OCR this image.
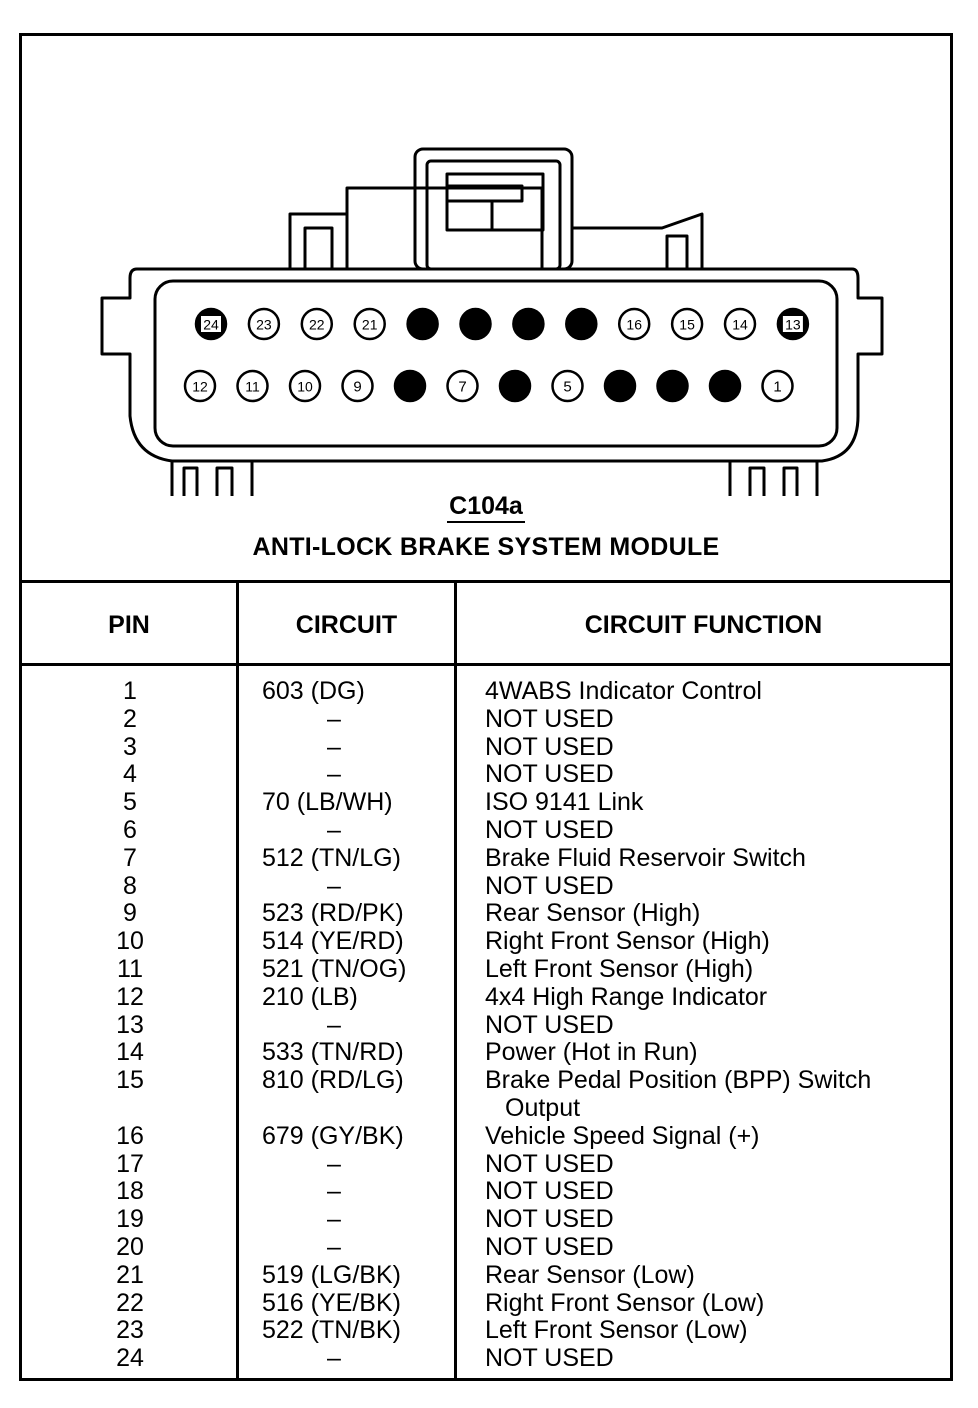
24	23	22	21	16	15	14	13
12	11	10	9	7	5	1
C104a
ANTI-LOCK BRAKE SYSTEM MODULE
PIN	CIRCUIT	CIRCUIT FUNCTION
1	603 (DG)	4WABS Indicator Control
2	–	NOT USED
3	–	NOT USED
4	–	NOT USED
5	70 (LB/WH)	ISO 9141 Link
6	–	NOT USED
7	512 (TN/LG)	Brake Fluid Reservoir Switch
8	–	NOT USED
9	523 (RD/PK)	Rear Sensor (High)
10	514 (YE/RD)	Right Front Sensor (High)
11	521 (TN/OG)	Left Front Sensor (High)
12	210 (LB)	4x4 High Range Indicator
13	–	NOT USED
14	533 (TN/RD)	Power (Hot in Run)
15	810 (RD/LG)	Brake Pedal Position (BPP) Switch
Output
16	679 (GY/BK)	Vehicle Speed Signal (+)
17	–	NOT USED
18	–	NOT USED
19	–	NOT USED
20	–	NOT USED
21	519 (LG/BK)	Rear Sensor (Low)
22	516 (YE/BK)	Right Front Sensor (Low)
23	522 (TN/BK)	Left Front Sensor (Low)
24	–	NOT USED
